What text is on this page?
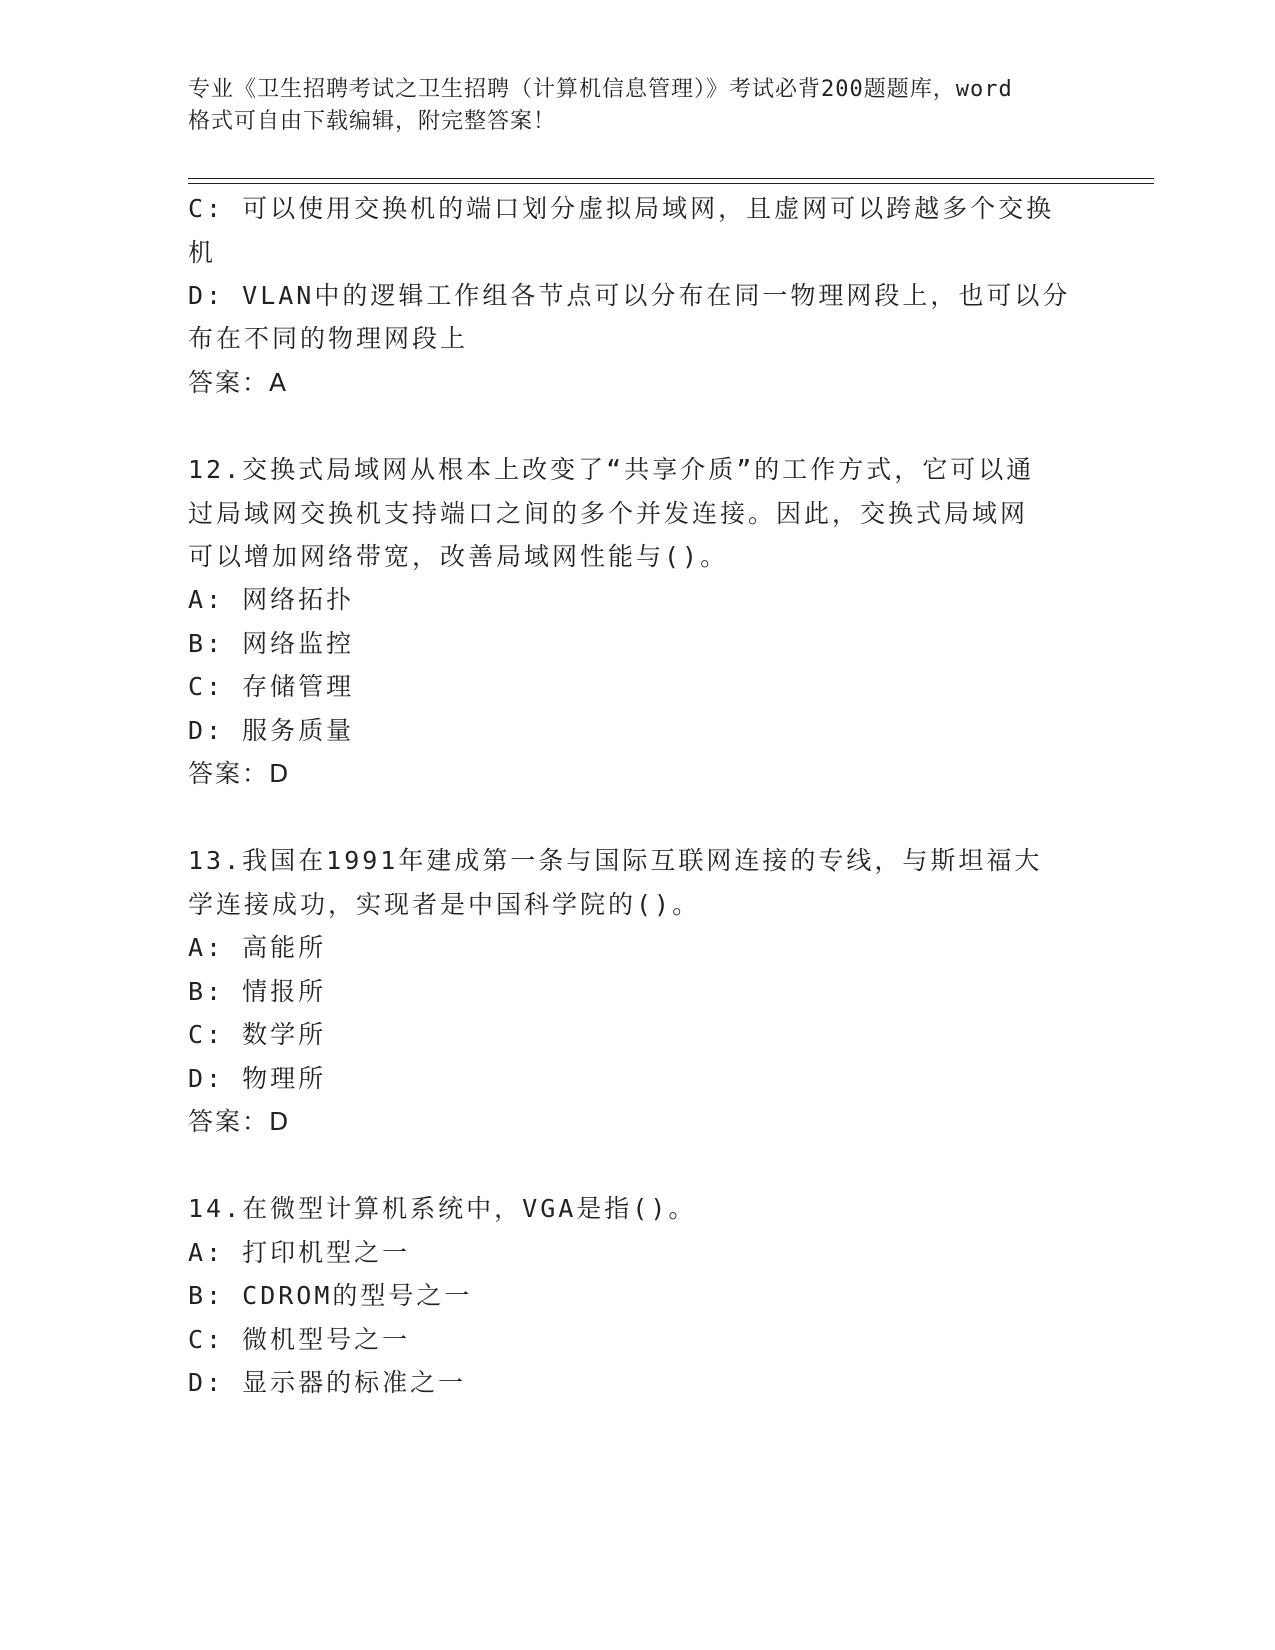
专业《卫生招聘考试之卫生招聘（计算机信息管理）》考试必背200题题库，word
格式可自由下载编辑，附完整答案！
C: 可以使用交换机的端口划分虚拟局域网，且虚网可以跨越多个交换
机
D: VLAN中的逻辑工作组各节点可以分布在同一物理网段上，也可以分
布在不同的物理网段上
答案：A
12.交换式局域网从根本上改变了“共享介质”的工作方式，它可以通
过局域网交换机支持端口之间的多个并发连接。因此，交换式局域网
可以增加网络带宽，改善局域网性能与()。
A: 网络拓扑
B: 网络监控
C: 存储管理
D: 服务质量
答案：D
13.我国在1991年建成第一条与国际互联网连接的专线，与斯坦福大
学连接成功，实现者是中国科学院的()。
A: 高能所
B: 情报所
C: 数学所
D: 物理所
答案：D
14.在微型计算机系统中，VGA是指()。
A: 打印机型之一
B: CDROM的型号之一
C: 微机型号之一
D: 显示器的标准之一
